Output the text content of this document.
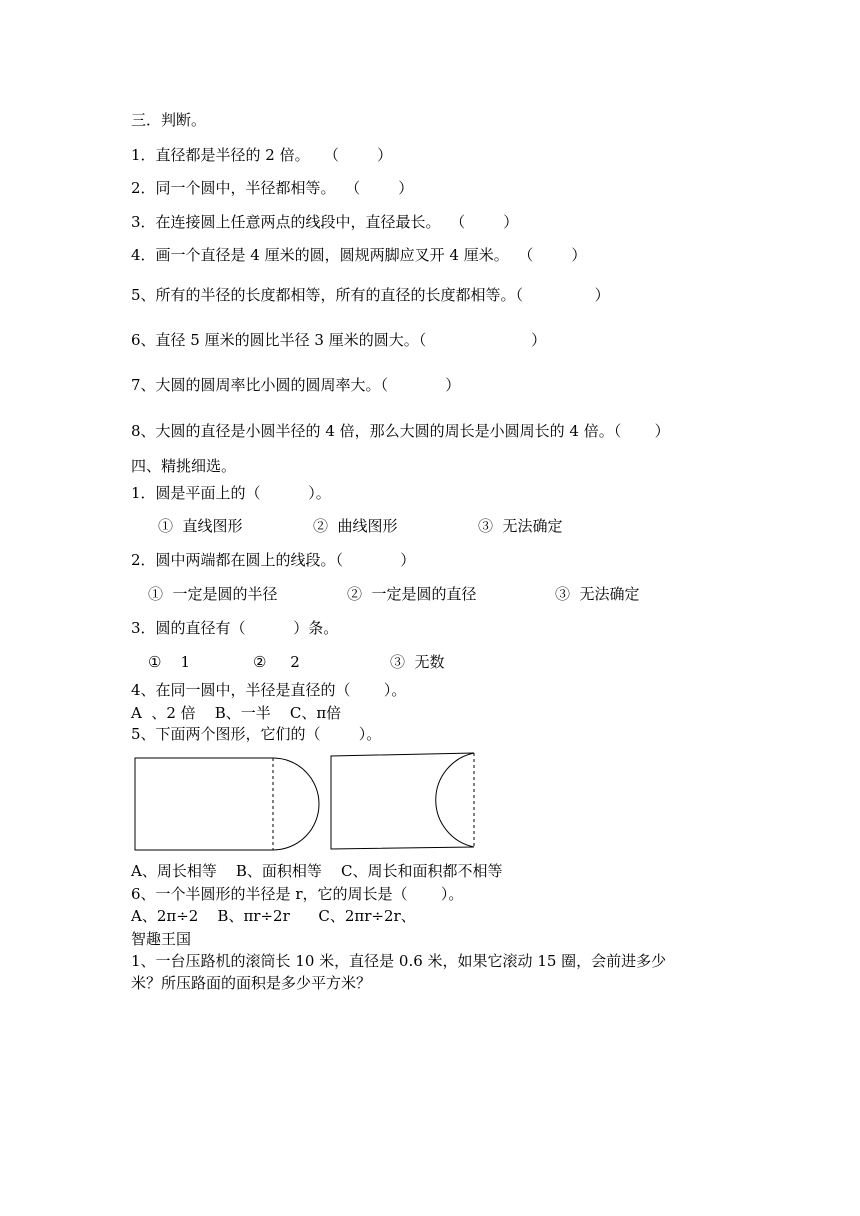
三．判断。
1．直径都是半径的 2 倍。   （        ）
2．同一个圆中，半径都相等。  （        ）
3．在连接圆上任意两点的线段中，直径最长。  （        ）
4．画一个直径是 4 厘米的圆，圆规两脚应叉开 4 厘米。  （        ）
5、所有的半径的长度都相等，所有的直径的长度都相等。（               ）
6、直径 5 厘米的圆比半径 3 厘米的圆大。（                      ）
7、大圆的圆周率比小圆的圆周率大。（            ）
8、大圆的直径是小圆半径的 4 倍，那么大圆的周长是小圆周长的 4 倍。（       ）
四、精挑细选。
1．圆是平面上的（          ）。
①  直线图形	②  曲线图形	③  无法确定
2．圆中两端都在圆上的线段。（            ）
①  一定是圆的半径	②  一定是圆的直径	③  无法确定
3．圆的直径有（          ）条。
①    1	②     2	③  无数
4、在同一圆中，半径是直径的（       ）。
A  、2 倍    B、一半    C、π倍
5、下面两个图形，它们的（        ）。
A、周长相等    B、面积相等    C、周长和面积都不相等
6、一个半圆形的半径是 r，它的周长是（       ）。
A、2π÷2    B、πr÷2r      C、2πr÷2r、
智趣王国
1、一台压路机的滚筒长 10 米，直径是 0.6 米，如果它滚动 15 圈，会前进多少
米？所压路面的面积是多少平方米？
